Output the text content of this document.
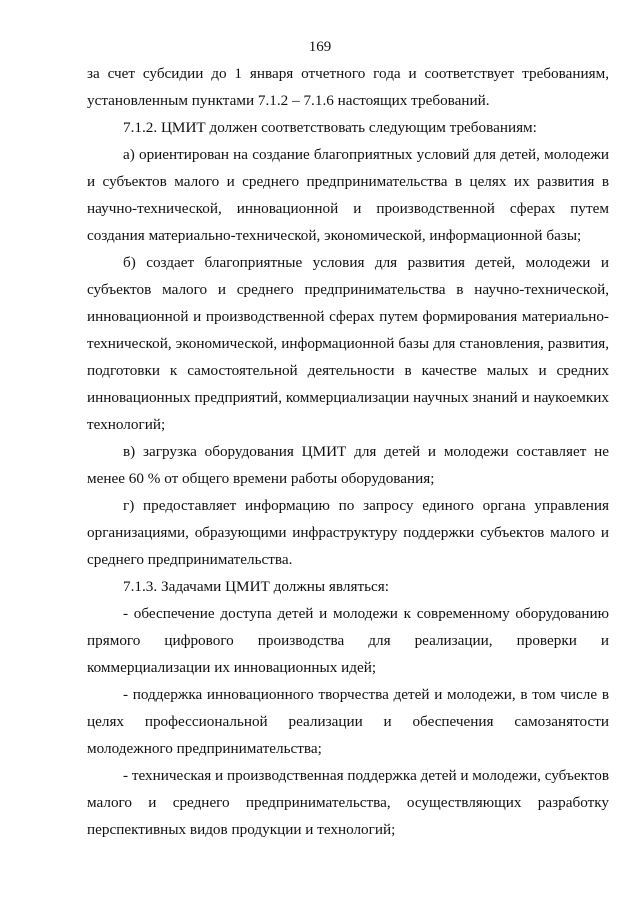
169

за счет субсидии до 1 января отчетного года и соответствует требованиям, установленным пунктами 7.1.2 – 7.1.6 настоящих требований.

7.1.2. ЦМИТ должен соответствовать следующим требованиям:

а) ориентирован на создание благоприятных условий для детей, молодежи и субъектов малого и среднего предпринимательства в целях их развития в научно-технической, инновационной и производственной сферах путем создания материально-технической, экономической, информационной базы;

б) создает благоприятные условия для развития детей, молодежи и субъектов малого и среднего предпринимательства в научно-технической, инновационной и производственной сферах путем формирования материально-технической, экономической, информационной базы для становления, развития, подготовки к самостоятельной деятельности в качестве малых и средних инновационных предприятий, коммерциализации научных знаний и наукоемких технологий;

в) загрузка оборудования ЦМИТ для детей и молодежи составляет не менее 60 % от общего времени работы оборудования;

г) предоставляет информацию по запросу единого органа управления организациями, образующими инфраструктуру поддержки субъектов малого и среднего предпринимательства.

7.1.3. Задачами ЦМИТ должны являться:

- обеспечение доступа детей и молодежи к современному оборудованию прямого цифрового производства для реализации, проверки и коммерциализации их инновационных идей;

- поддержка инновационного творчества детей и молодежи, в том числе в целях профессиональной реализации и обеспечения самозанятости молодежного предпринимательства;

- техническая и производственная поддержка детей и молодежи, субъектов малого и среднего предпринимательства, осуществляющих разработку перспективных видов продукции и технологий;
